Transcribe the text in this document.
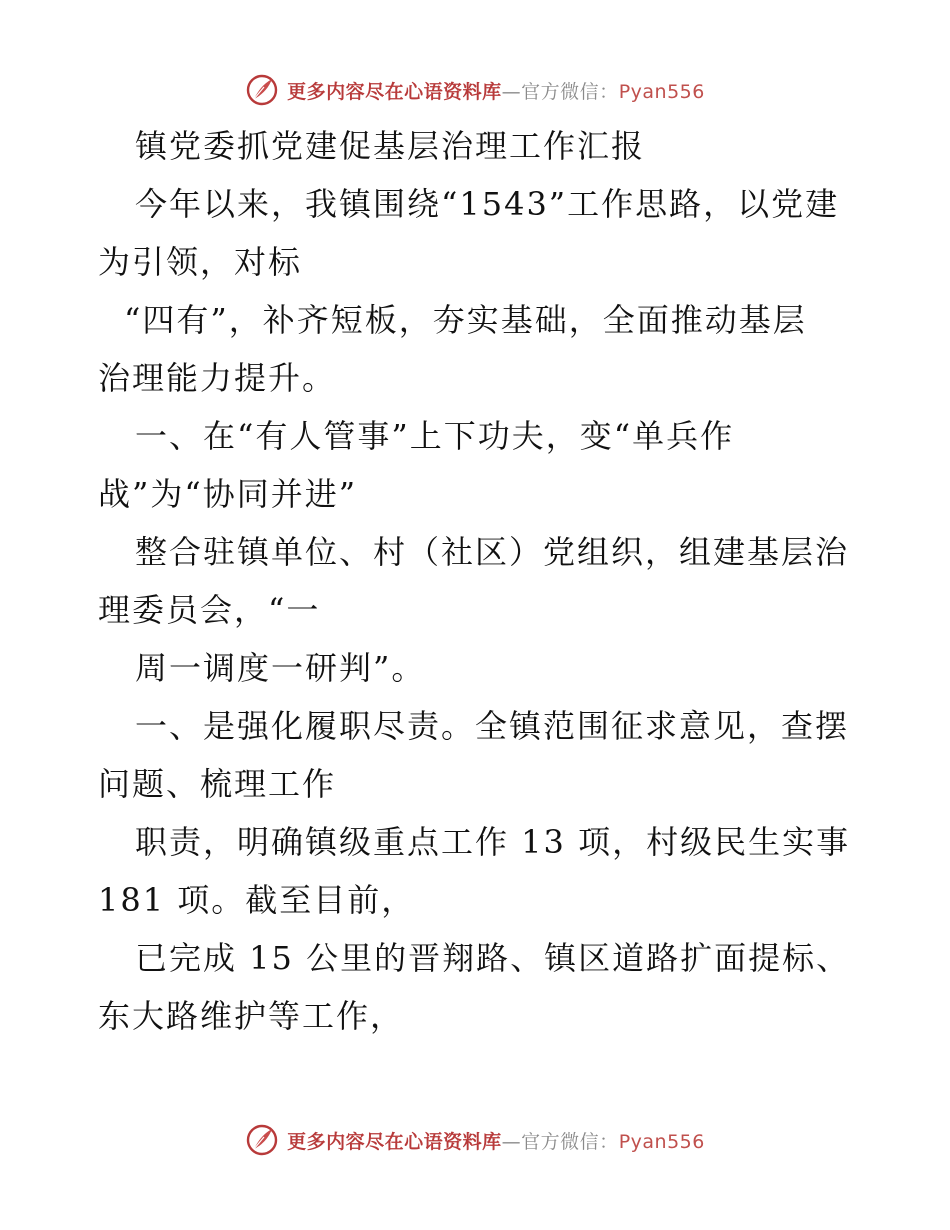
更多内容尽在心语资料库—官方微信：Pyan556
镇党委抓党建促基层治理工作汇报
今年以来，我镇围绕“1543”工作思路，以党建
为引领，对标
“四有”，补齐短板，夯实基础，全面推动基层
治理能力提升。
一、在“有人管事”上下功夫，变“单兵作
战”为“协同并进”
整合驻镇单位、村（社区）党组织，组建基层治
理委员会，“一
周一调度一研判”。
一、是强化履职尽责。全镇范围征求意见，查摆
问题、梳理工作
职责，明确镇级重点工作 13 项，村级民生实事
181 项。截至目前，
已完成 15 公里的晋翔路、镇区道路扩面提标、
东大路维护等工作，
更多内容尽在心语资料库—官方微信：Pyan556
